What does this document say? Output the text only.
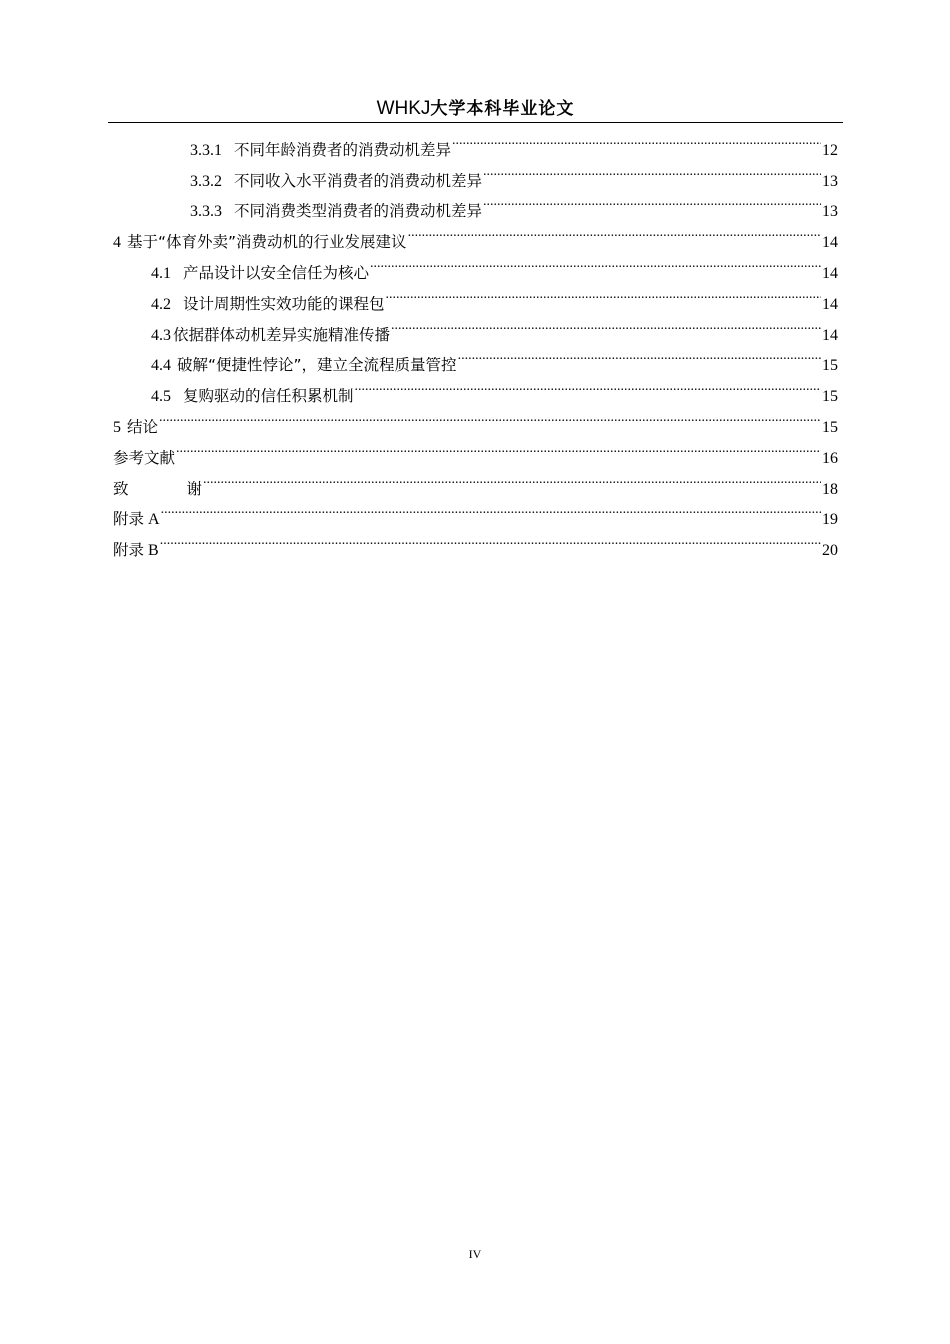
WHKJ大学本科毕业论文
3.3.1 不同年龄消费者的消费动机差异 .....	12
3.3.2 不同收入水平消费者的消费动机差异 .....	13
3.3.3 不同消费类型消费者的消费动机差异 .....	13
4 基于“体育外卖”消费动机的行业发展建议 .....	14
4.1 产品设计以安全信任为核心 .....	14
4.2 设计周期性实效功能的课程包 .....	14
4.3 依据群体动机差异实施精准传播 .....	14
4.4 破解“便捷性悖论”，建立全流程质量管控 .....	15
4.5 复购驱动的信任积累机制 .....	15
5 结论 .....	15
参考文献 .....	16
致	谢 .....	18
附录 A .....	19
附录 B .....	20
IV
